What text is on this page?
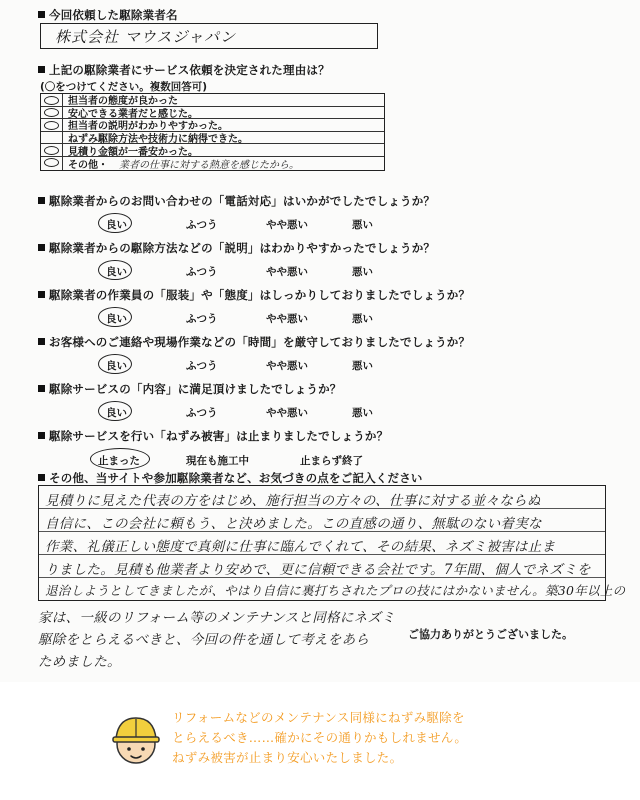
今回依頼した駆除業者名
株式会社 マウスジャパン
上記の駆除業者にサービス依頼を決定された理由は？
(〇をつけてください。複数回答可)
担当者の態度が良かった
安心できる業者だと感じた。
担当者の説明がわかりやすかった。
ねずみ駆除方法や技術力に納得できた。
見積り金額が一番安かった。
その他・ 業者の仕事に対する熱意を感じたから。
駆除業者からのお問い合わせの「電話対応」はいかがでしたでしょうか？
良い	ふつう	やや悪い	悪い
駆除業者からの駆除方法などの「説明」はわかりやすかったでしょうか？
良い	ふつう	やや悪い	悪い
駆除業者の作業員の「服装」や「態度」はしっかりしておりましたでしょうか？
良い	ふつう	やや悪い	悪い
お客様へのご連絡や現場作業などの「時間」を厳守しておりましたでしょうか？
良い	ふつう	やや悪い	悪い
駆除サービスの「内容」に満足頂けましたでしょうか？
良い	ふつう	やや悪い	悪い
駆除サービスを行い「ねずみ被害」は止まりましたでしょうか？
止まった	現在も施工中	止まらず終了
その他、当サイトや参加駆除業者など、お気づきの点をご記入ください
見積りに見えた代表の方をはじめ、施行担当の方々の、仕事に対する並々ならぬ
自信に、この会社に頼もう、と決めました。この直感の通り、無駄のない着実な
作業、礼儀正しい態度で真剣に仕事に臨んでくれて、その結果、ネズミ被害は止ま
りました。見積も他業者より安めで、更に信頼できる会社です。7年間、個人でネズミを
退治しようとしてきましたが、やはり自信に裏打ちされたプロの技にはかないません。築30年以上の
家は、一級のリフォーム等のメンテナンスと同格にネズミ
駆除をとらえるべきと、今回の件を通して考えをあら
ためました。
ご協力ありがとうございました。
リフォームなどのメンテナンス同様にねずみ駆除を
とらえるべき……確かにその通りかもしれません。
ねずみ被害が止まり安心いたしました。
